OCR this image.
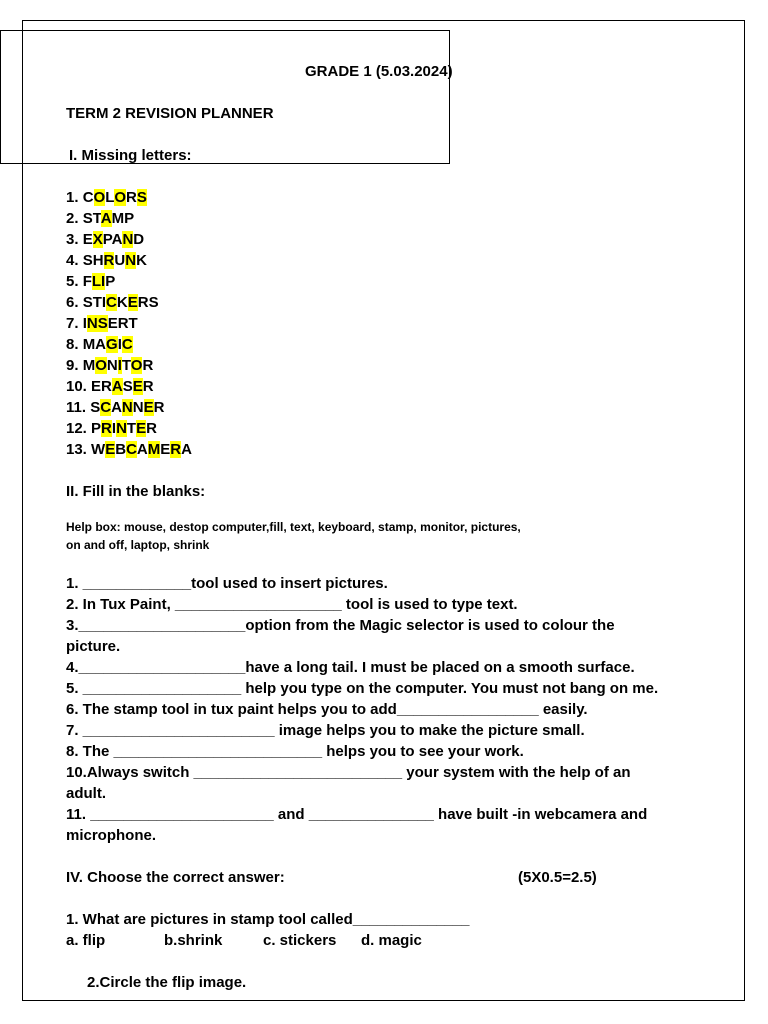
GRADE 1 (5.03.2024)
TERM 2 REVISION PLANNER
I. Missing letters:
1. COLORS
2. STAMP
3. EXPAND
4. SHRUNK
5. FLIP
6. STICKERS
7. INSERT
8. MAGIC
9. MONITOR
10. ERASER
11. SCANNER
12. PRINTER
13. WEBCAMERA
II. Fill in the blanks:
Help box: mouse, destop computer,fill, text, keyboard, stamp, monitor, pictures,
on and off, laptop, shrink
1. _____________tool used to insert pictures.
2. In Tux Paint, ____________________ tool is used to type text.
3.____________________option from the Magic selector is used to colour the
picture.
4.____________________have a long tail. I must be placed on a smooth surface.
5. ___________________ help you type on the computer. You must not bang on me.
6. The stamp tool in tux paint helps you to add_________________ easily.
7. _______________________ image helps you to make the picture small.
8. The _________________________ helps you to see your work.
10.Always switch _________________________ your system with the help of an
adult.
11. ______________________ and _______________ have built -in webcamera and
microphone.
IV. Choose the correct answer:	(5X0.5=2.5)
1. What are pictures in stamp tool called______________
a. flip	b.shrink	c. stickers d. magic
2.Circle the flip image.
